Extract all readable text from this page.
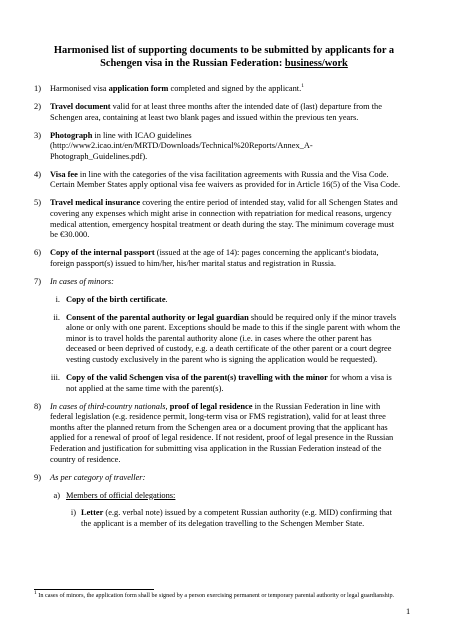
Harmonised list of supporting documents to be submitted by applicants for a
Schengen visa in the Russian Federation: business/work
1)	Harmonised visa application form completed and signed by the applicant.$^1$
2)	Travel document valid for at least three months after the intended date of (last) departure from the Schengen area, containing at least two blank pages and issued within the previous ten years.
3)	Photograph in line with ICAO guidelines (http://www2.icao.int/en/MRTD/Downloads/Technical%20Reports/Annex_A-Photograph_Guidelines.pdf).
4)	Visa fee in line with the categories of the visa facilitation agreements with Russia and the Visa Code. Certain Member States apply optional visa fee waivers as provided for in Article 16(5) of the Visa Code.
5)	Travel medical insurance covering the entire period of intended stay, valid for all Schengen States and covering any expenses which might arise in connection with repatriation for medical reasons, urgency medical attention, emergency hospital treatment or death during the stay. The minimum coverage must be €30.000.
6)	Copy of the internal passport (issued at the age of 14): pages concerning the applicant's biodata, foreign passport(s) issued to him/her, his/her marital status and registration in Russia.
7)	In cases of minors:
i. Copy of the birth certificate.
ii. Consent of the parental authority or legal guardian should be required only if the minor travels alone or only with one parent. Exceptions should be made to this if the single parent with whom the minor is to travel holds the parental authority alone (i.e. in cases where the other parent has deceased or been deprived of custody, e.g. a death certificate of the other parent or a court degree vesting custody exclusively in the parent who is signing the application would be requested).
iii. Copy of the valid Schengen visa of the parent(s) travelling with the minor for whom a visa is not applied at the same time with the parent(s).
8)	In cases of third-country nationals, proof of legal residence in the Russian Federation in line with federal legislation (e.g. residence permit, long-term visa or FMS registration), valid for at least three months after the planned return from the Schengen area or a document proving that the applicant has applied for a renewal of proof of legal residence. If not resident, proof of legal presence in the Russian Federation and justification for submitting visa application in the Russian Federation instead of the country of residence.
9)	As per category of traveller:
a) Members of official delegations:
i) Letter (e.g. verbal note) issued by a competent Russian authority (e.g. MID) confirming that the applicant is a member of its delegation travelling to the Schengen Member State.
1 In cases of minors, the application form shall be signed by a person exercising permanent or temporary parental authority or legal guardianship.
1
